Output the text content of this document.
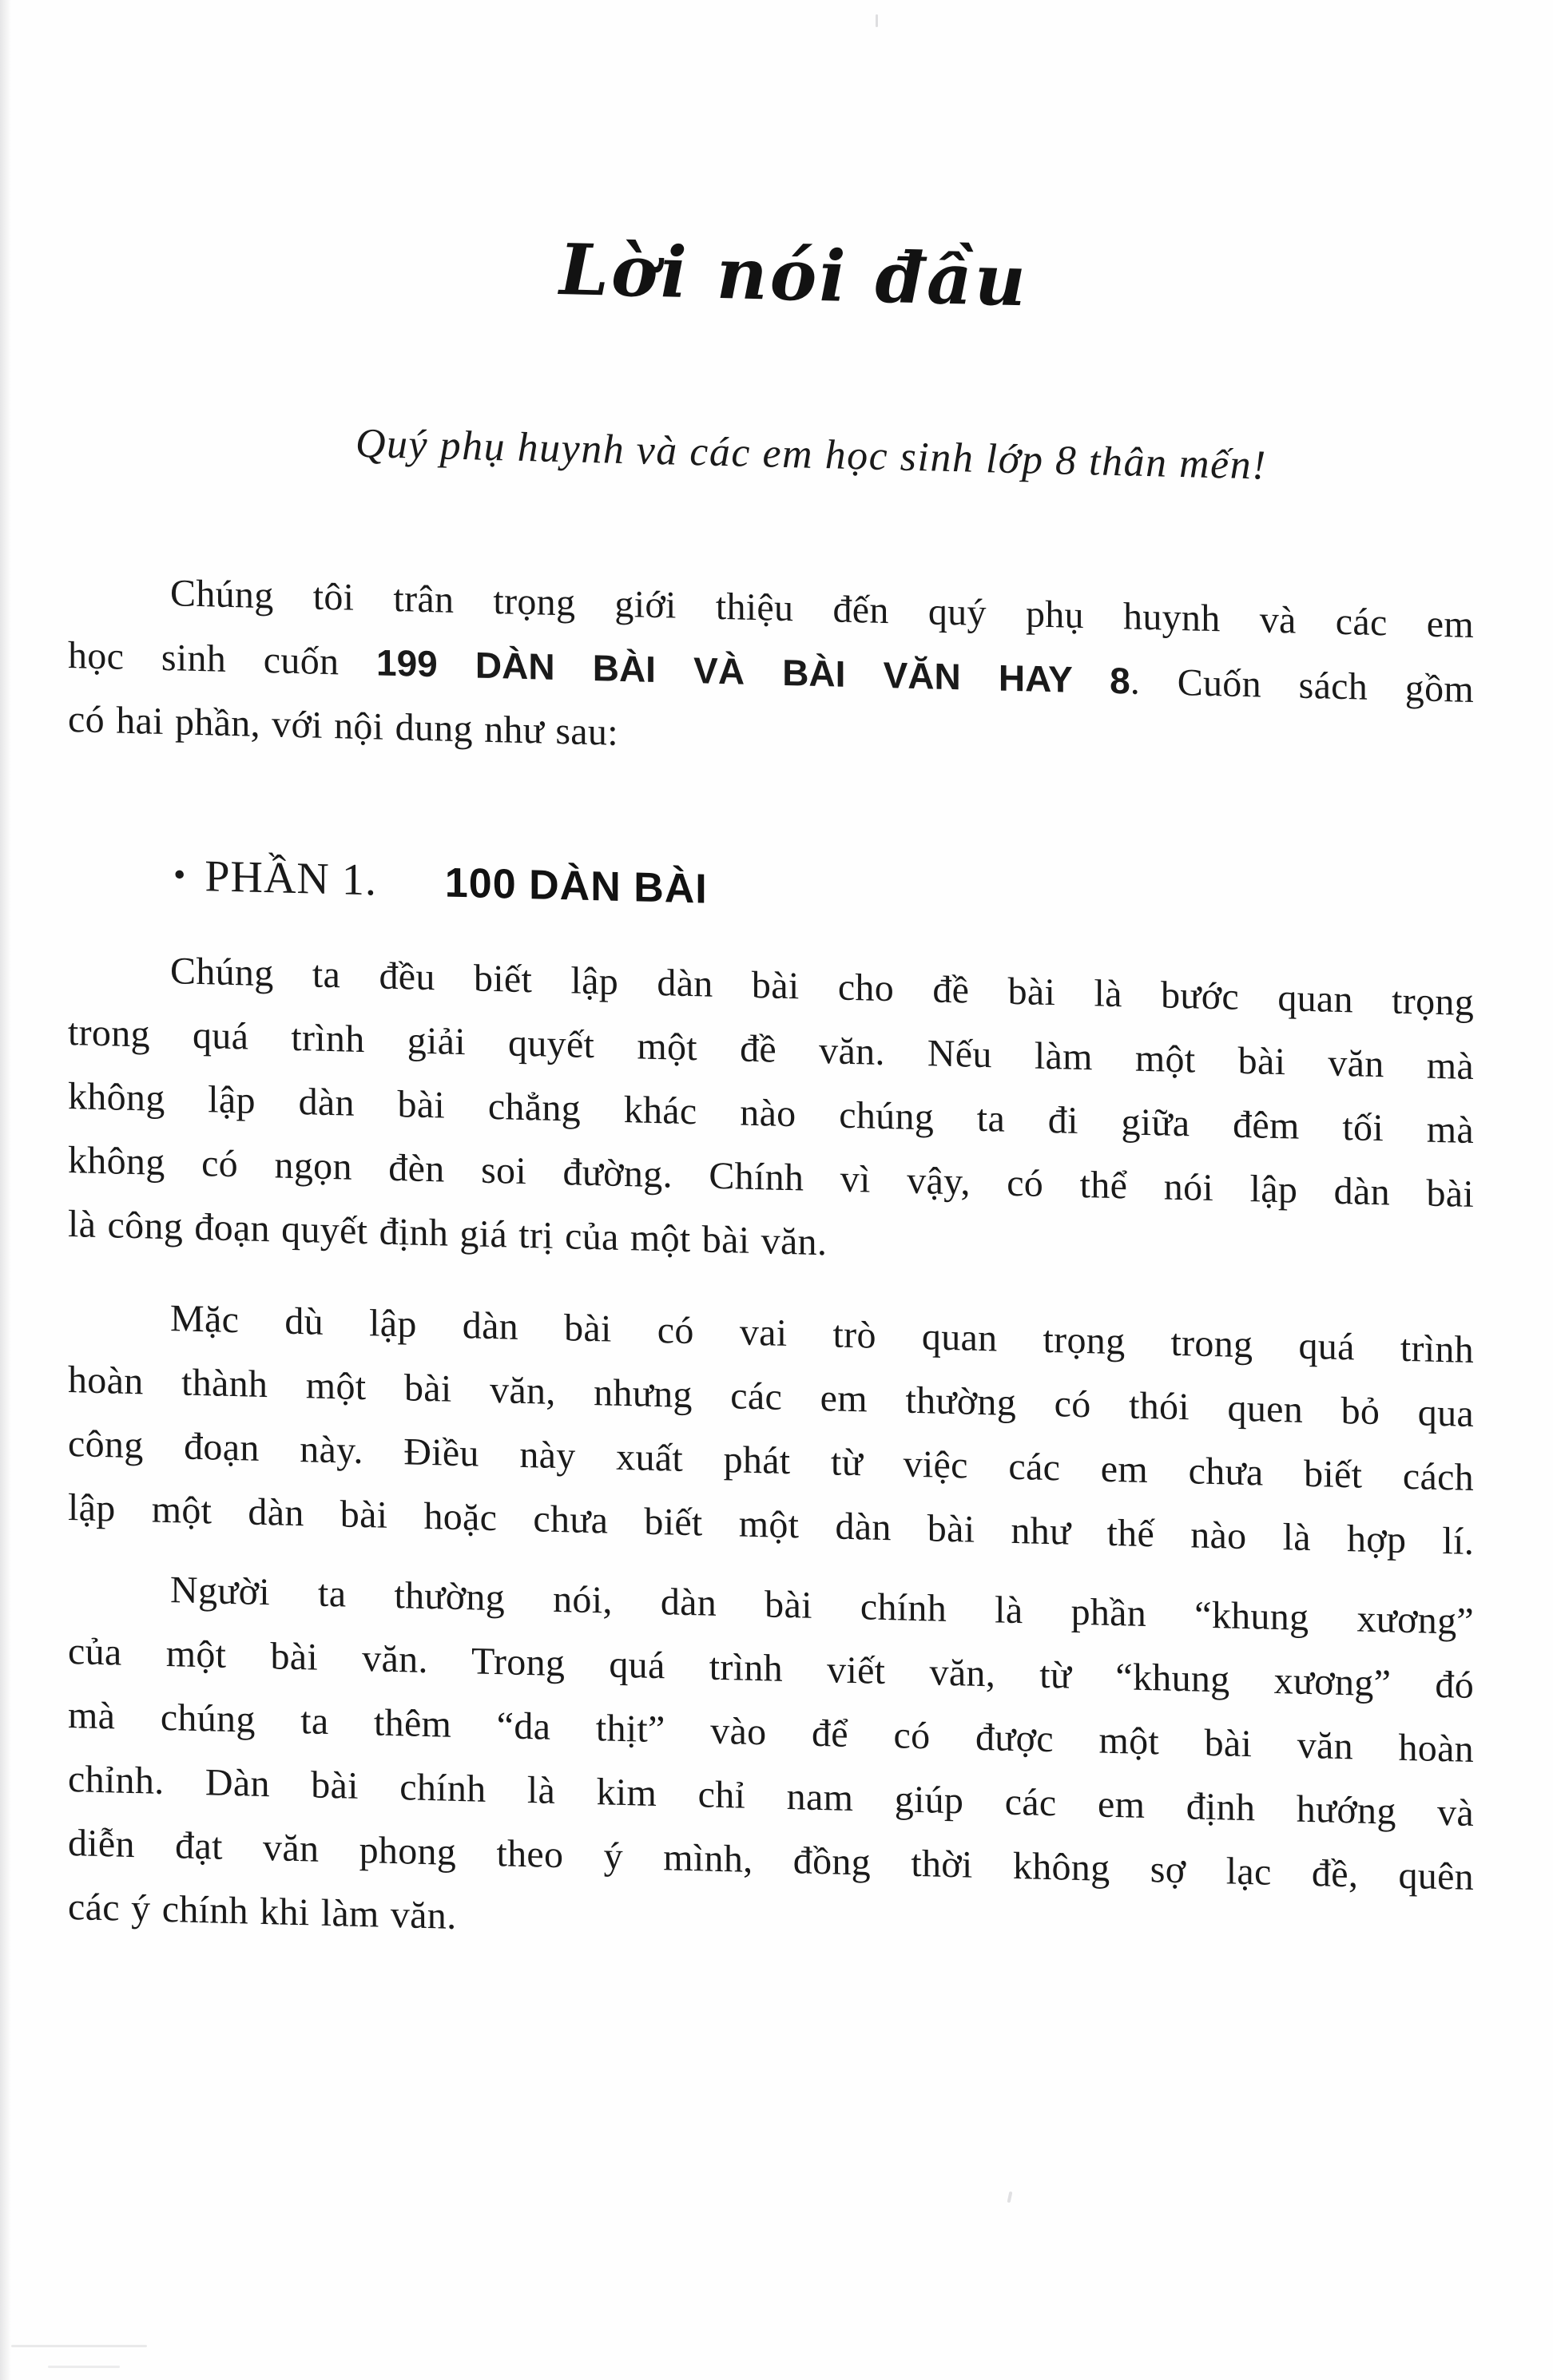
Lời nói đầu

Quý phụ huynh và các em học sinh lớp 8 thân mến!

Chúng tôi trân trọng giới thiệu đến quý phụ huynh và các em
học sinh cuốn 199 DÀN BÀI VÀ BÀI VĂN HAY 8. Cuốn sách gồm
có hai phần, với nội dung như sau:
• PHẦN 1. 100 DÀN BÀI
Chúng ta đều biết lập dàn bài cho đề bài là bước quan trọng
trong quá trình giải quyết một đề văn. Nếu làm một bài văn mà
không lập dàn bài chẳng khác nào chúng ta đi giữa đêm tối mà
không có ngọn đèn soi đường. Chính vì vậy, có thể nói lập dàn bài
là công đoạn quyết định giá trị của một bài văn.
Mặc dù lập dàn bài có vai trò quan trọng trong quá trình
hoàn thành một bài văn, nhưng các em thường có thói quen bỏ qua
công đoạn này. Điều này xuất phát từ việc các em chưa biết cách
lập một dàn bài hoặc chưa biết một dàn bài như thế nào là hợp lí.
Người ta thường nói, dàn bài chính là phần “khung xương”
của một bài văn. Trong quá trình viết văn, từ “khung xương” đó
mà chúng ta thêm “da thịt” vào để có được một bài văn hoàn
chỉnh. Dàn bài chính là kim chỉ nam giúp các em định hướng và
diễn đạt văn phong theo ý mình, đồng thời không sợ lạc đề, quên
các ý chính khi làm văn.
